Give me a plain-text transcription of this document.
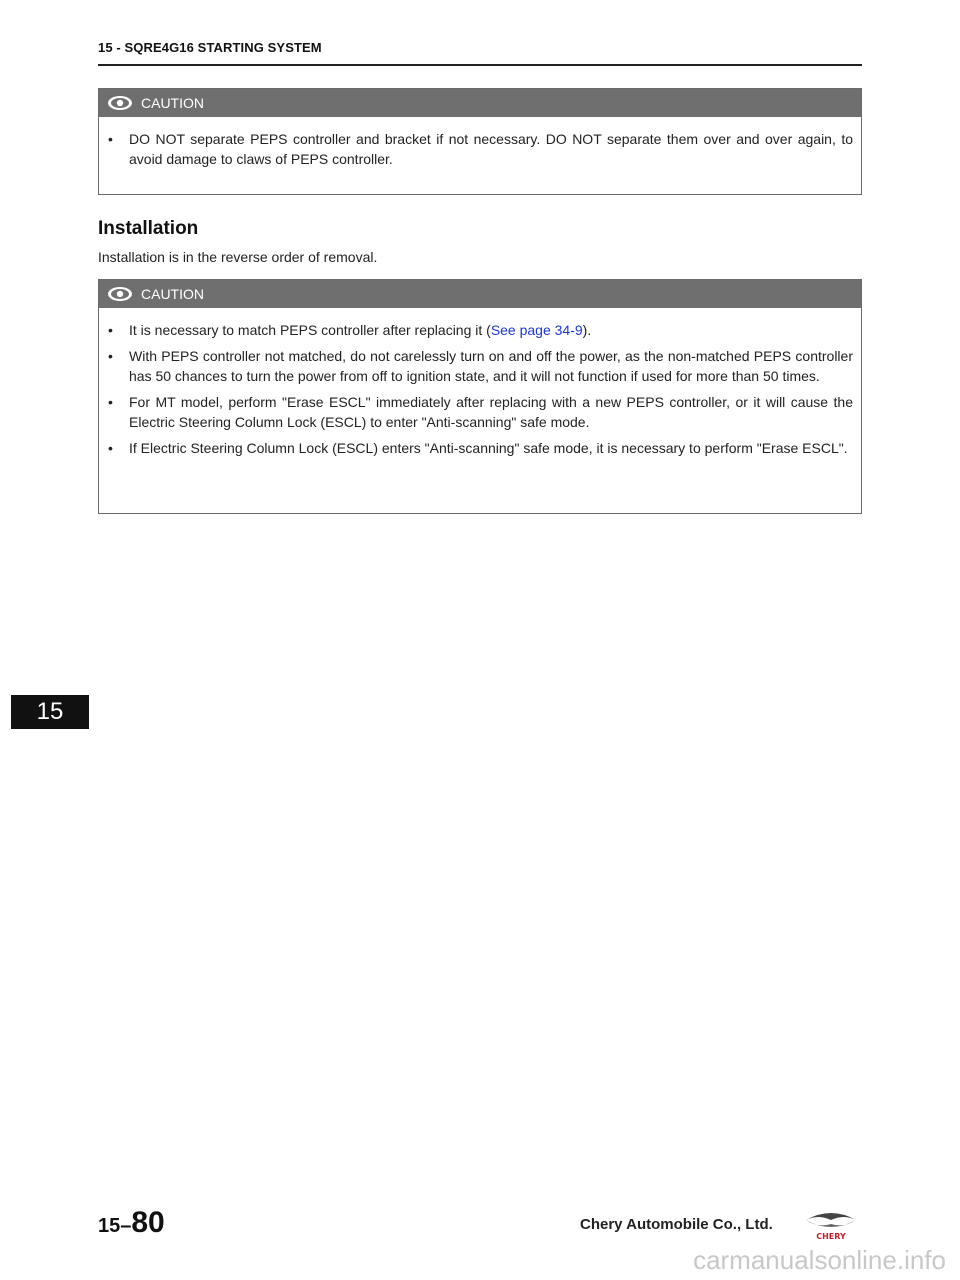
15 - SQRE4G16 STARTING SYSTEM
CAUTION
•	DO NOT separate PEPS controller and bracket if not necessary. DO NOT separate them over and over again, to avoid damage to claws of PEPS controller.
Installation
Installation is in the reverse order of removal.
CAUTION
•	It is necessary to match PEPS controller after replacing it (See page 34-9).
•	With PEPS controller not matched, do not carelessly turn on and off the power, as the non-matched PEPS controller has 50 chances to turn the power from off to ignition state, and it will not function if used for more than 50 times.
•	For MT model, perform "Erase ESCL" immediately after replacing with a new PEPS controller, or it will cause the Electric Steering Column Lock (ESCL) to enter "Anti-scanning" safe mode.
•	If Electric Steering Column Lock (ESCL) enters "Anti-scanning" safe mode, it is necessary to perform "Erase ESCL".
15
15–80	Chery Automobile Co., Ltd.
CHERY
carmanualsonline.info
